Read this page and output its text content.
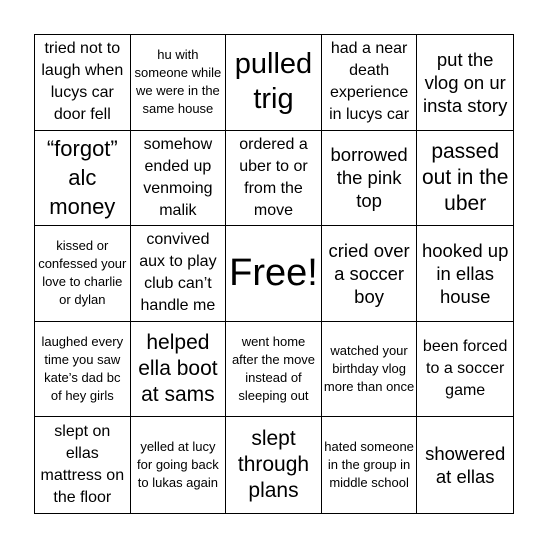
tried not to laugh when lucys car door fell
hu with someone while we were in the same house
pulled trig
had a near death experience in lucys car
put the vlog on ur insta story
“forgot” alc money
somehow ended up venmoing malik
ordered a uber to or from the move
borrowed the pink top
passed out in the uber
kissed or confessed your love to charlie or dylan
convived aux to play club can’t handle me
Free!
cried over a soccer boy
hooked up in ellas house
laughed every time you saw kate’s dad bc of hey girls
helped ella boot at sams
went home after the move instead of sleeping out
watched your birthday vlog more than once
been forced to a soccer game
slept on ellas mattress on the floor
yelled at lucy for going back to lukas again
slept through plans
hated someone in the group in middle school
showered at ellas
